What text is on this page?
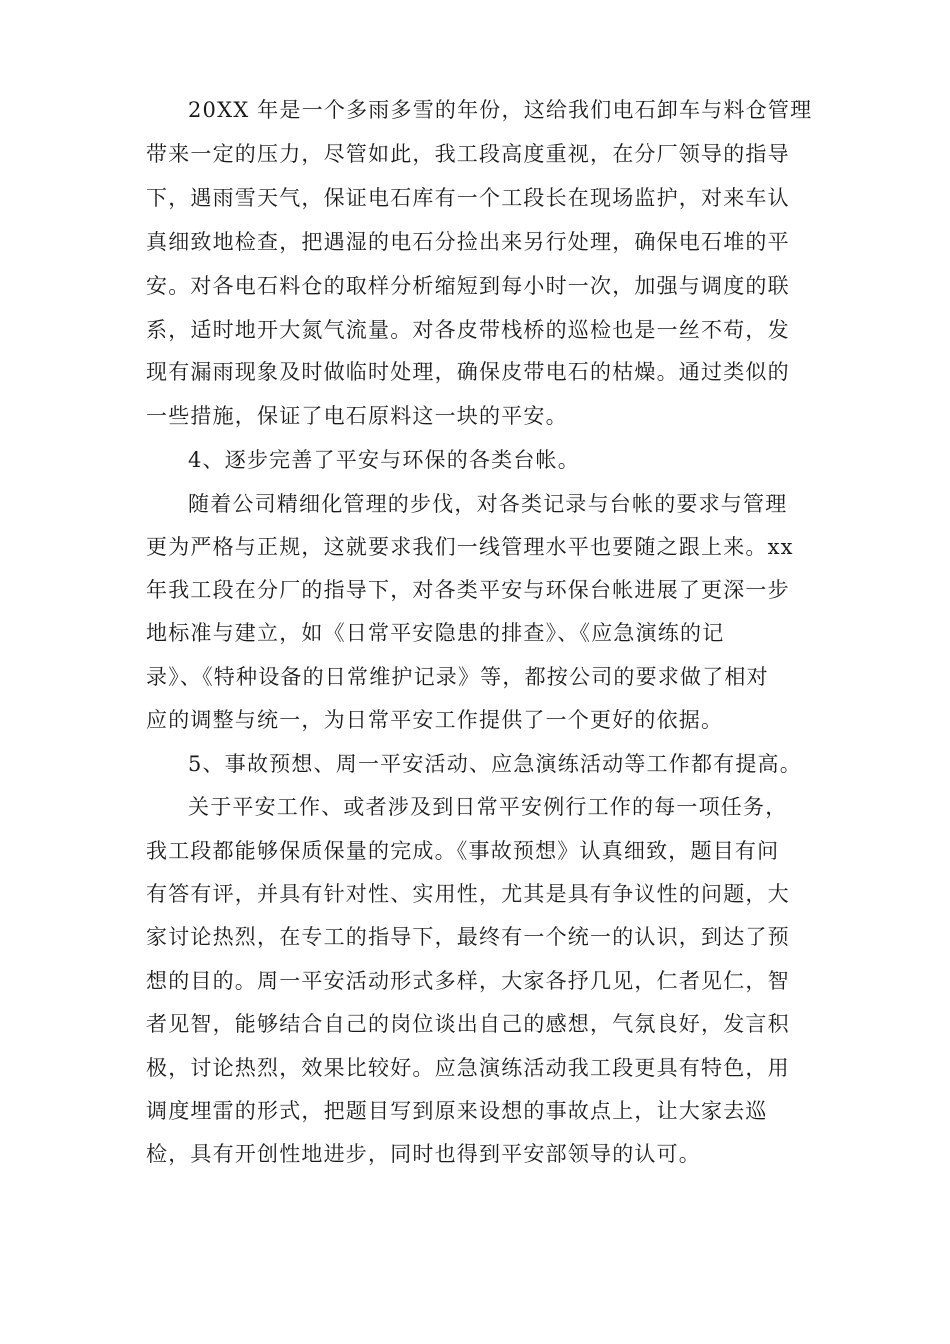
20XX 年是一个多雨多雪的年份，这给我们电石卸车与料仓管理
带来一定的压力，尽管如此，我工段高度重视，在分厂领导的指导
下，遇雨雪天气，保证电石库有一个工段长在现场监护，对来车认
真细致地检查，把遇湿的电石分捡出来另行处理，确保电石堆的平
安。对各电石料仓的取样分析缩短到每小时一次，加强与调度的联
系，适时地开大氮气流量。对各皮带栈桥的巡检也是一丝不苟，发
现有漏雨现象及时做临时处理，确保皮带电石的枯燥。通过类似的
一些措施，保证了电石原料这一块的平安。
4、逐步完善了平安与环保的各类台帐。
随着公司精细化管理的步伐，对各类记录与台帐的要求与管理
更为严格与正规，这就要求我们一线管理水平也要随之跟上来。xx
年我工段在分厂的指导下，对各类平安与环保台帐进展了更深一步
地标准与建立，如《日常平安隐患的排查》、《应急演练的记
录》、《特种设备的日常维护记录》等，都按公司的要求做了相对
应的调整与统一，为日常平安工作提供了一个更好的依据。
5、事故预想、周一平安活动、应急演练活动等工作都有提高。
关于平安工作、或者涉及到日常平安例行工作的每一项任务，
我工段都能够保质保量的完成。《事故预想》认真细致，题目有问
有答有评，并具有针对性、实用性，尤其是具有争议性的问题，大
家讨论热烈，在专工的指导下，最终有一个统一的认识，到达了预
想的目的。周一平安活动形式多样，大家各抒几见，仁者见仁，智
者见智，能够结合自己的岗位谈出自己的感想，气氛良好，发言积
极，讨论热烈，效果比较好。应急演练活动我工段更具有特色，用
调度埋雷的形式，把题目写到原来设想的事故点上，让大家去巡
检，具有开创性地进步，同时也得到平安部领导的认可。
